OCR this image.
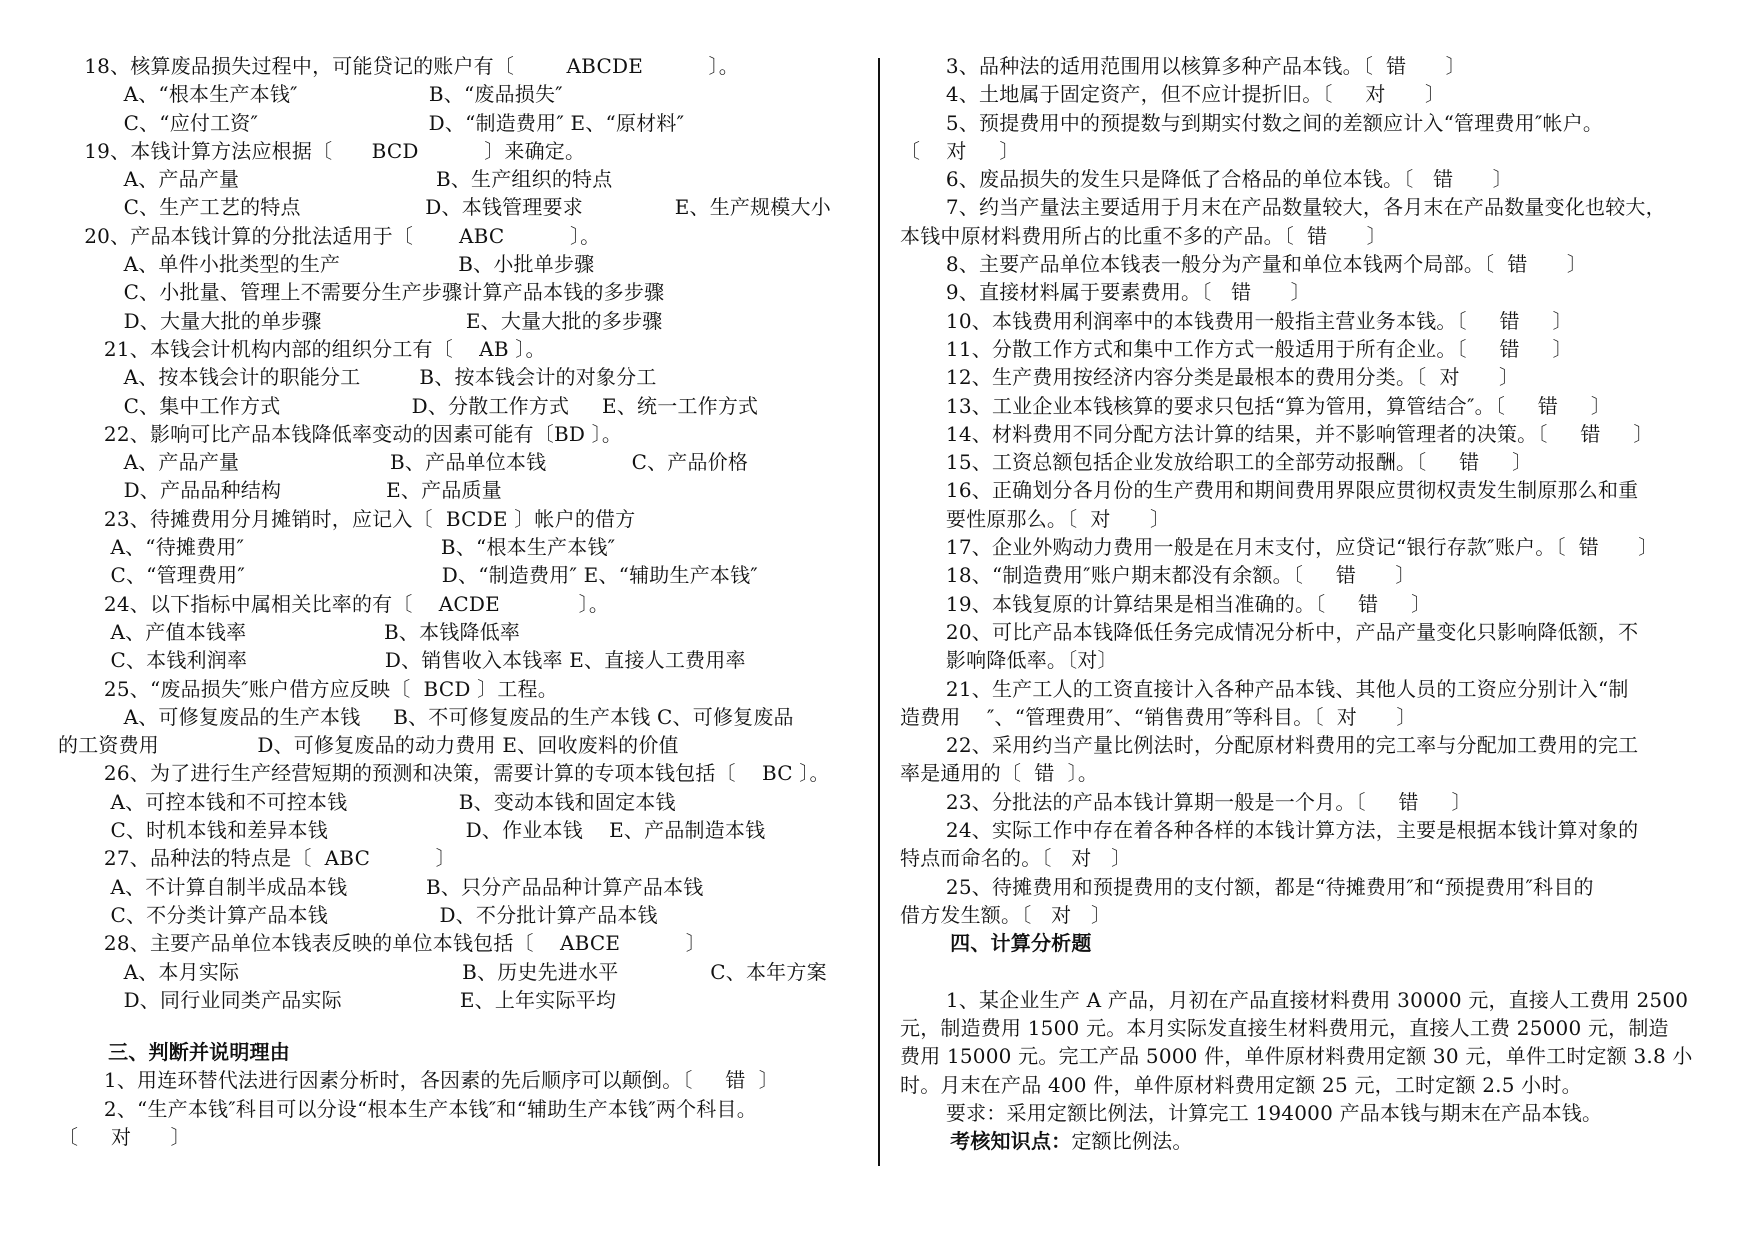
18、核算废品损失过程中，可能贷记的账户有〔        ABCDE          〕。
A、“根本生产本钱″                    B、“废品损失″
C、“应付工资″                          D、“制造费用″ E、“原材料″
19、本钱计算方法应根据〔      BCD          〕来确定。
A、产品产量                              B、生产组织的特点
C、生产工艺的特点                   D、本钱管理要求              E、生产规模大小
20、产品本钱计算的分批法适用于〔       ABC          〕。
A、单件小批类型的生产                  B、小批单步骤
C、小批量、管理上不需要分生产步骤计算产品本钱的多步骤
D、大量大批的单步骤                      E、大量大批的多步骤
21、本钱会计机构内部的组织分工有〔    AB 〕。
A、按本钱会计的职能分工         B、按本钱会计的对象分工
C、集中工作方式                    D、分散工作方式     E、统一工作方式
22、影响可比产品本钱降低率变动的因素可能有〔BD 〕。
A、产品产量                       B、产品单位本钱             C、产品价格
D、产品品种结构                E、产品质量
23、待摊费用分月摊销时，应记入〔  BCDE 〕帐户的借方
A、“待摊费用″                              B、“根本生产本钱″
C、“管理费用″                              D、“制造费用″ E、“辅助生产本钱″
24、以下指标中属相关比率的有〔    ACDE            〕。
A、产值本钱率                     B、本钱降低率
C、本钱利润率                     D、销售收入本钱率 E、直接人工费用率
25、“废品损失″账户借方应反映〔  BCD 〕工程。
A、可修复废品的生产本钱     B、不可修复废品的生产本钱 C、可修复废品
的工资费用               D、可修复废品的动力费用 E、回收废料的价值
26、为了进行生产经营短期的预测和决策，需要计算的专项本钱包括〔    BC 〕。
A、可控本钱和不可控本钱                 B、变动本钱和固定本钱
C、时机本钱和差异本钱                     D、作业本钱    E、产品制造本钱
27、品种法的特点是〔  ABC          〕
A、不计算自制半成品本钱            B、只分产品品种计算产品本钱
C、不分类计算产品本钱                 D、不分批计算产品本钱
28、主要产品单位本钱表反映的单位本钱包括〔    ABCE          〕
A、本月实际                                  B、历史先进水平              C、本年方案
D、同行业同类产品实际                  E、上年实际平均
三、判断并说明理由
1、用连环替代法进行因素分析时，各因素的先后顺序可以颠倒。〔     错  〕
2、“生产本钱″科目可以分设“根本生产本钱″和“辅助生产本钱″两个科目。
〔     对      〕
3、品种法的适用范围用以核算多种产品本钱。〔  错      〕
4、土地属于固定资产，但不应计提折旧。〔     对      〕
5、预提费用中的预提数与到期实付数之间的差额应计入“管理费用″帐户。
〔    对     〕
6、废品损失的发生只是降低了合格品的单位本钱。〔   错      〕
7、约当产量法主要适用于月末在产品数量较大，各月末在产品数量变化也较大，
本钱中原材料费用所占的比重不多的产品。〔  错      〕
8、主要产品单位本钱表一般分为产量和单位本钱两个局部。〔  错      〕
9、直接材料属于要素费用。〔   错      〕
10、本钱费用利润率中的本钱费用一般指主营业务本钱。〔     错     〕
11、分散工作方式和集中工作方式一般适用于所有企业。〔     错     〕
12、生产费用按经济内容分类是最根本的费用分类。〔  对      〕
13、工业企业本钱核算的要求只包括“算为管用，算管结合″。〔     错     〕
14、材料费用不同分配方法计算的结果，并不影响管理者的决策。〔     错     〕
15、工资总额包括企业发放给职工的全部劳动报酬。〔     错     〕
16、正确划分各月份的生产费用和期间费用界限应贯彻权责发生制原那么和重
要性原那么。〔  对      〕
17、企业外购动力费用一般是在月末支付，应贷记“银行存款″账户。〔  错      〕
18、“制造费用″账户期末都没有余额。〔     错      〕
19、本钱复原的计算结果是相当准确的。〔     错     〕
20、可比产品本钱降低任务完成情况分析中，产品产量变化只影响降低额，不
影响降低率。〔对〕
21、生产工人的工资直接计入各种产品本钱、其他人员的工资应分别计入“制
造费用    ″、“管理费用″、“销售费用″等科目。〔  对      〕
22、采用约当产量比例法时，分配原材料费用的完工率与分配加工费用的完工
率是通用的〔  错  〕。
23、分批法的产品本钱计算期一般是一个月。〔     错     〕
24、实际工作中存在着各种各样的本钱计算方法，主要是根据本钱计算对象的
特点而命名的。〔   对   〕
25、待摊费用和预提费用的支付额，都是“待摊费用″和“预提费用″科目的
借方发生额。〔   对   〕
四、计算分析题
1、某企业生产 A 产品，月初在产品直接材料费用 30000 元，直接人工费用 2500
元，制造费用 1500 元。本月实际发直接生材料费用元，直接人工费 25000 元，制造
费用 15000 元。完工产品 5000 件，单件原材料费用定额 30 元，单件工时定额 3.8 小
时。月末在产品 400 件，单件原材料费用定额 25 元，工时定额 2.5 小时。
要求：采用定额比例法，计算完工 194000 产品本钱与期末在产品本钱。
考核知识点：定额比例法。
